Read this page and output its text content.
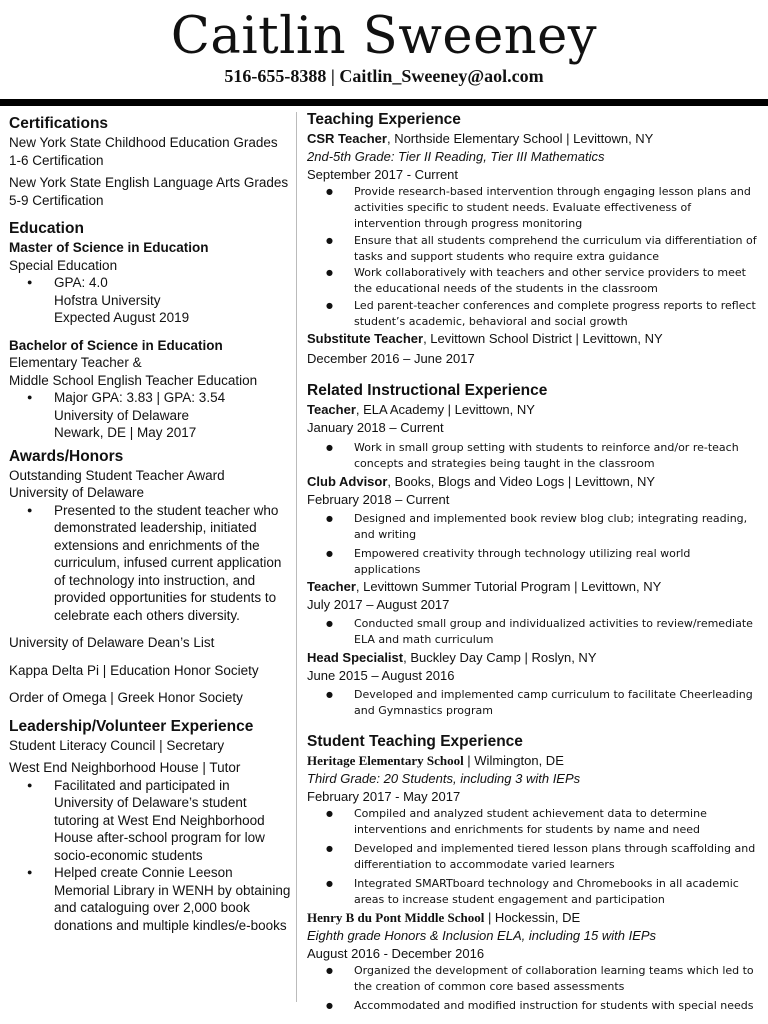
Caitlin Sweeney
516-655-8388 | Caitlin_Sweeney@aol.com
Certifications
New York State Childhood Education Grades 1-6 Certification
New York State English Language Arts Grades 5-9 Certification
Education
Master of Science in Education
Special Education
● GPA: 4.0
Hofstra University
Expected August 2019
Bachelor of Science in Education
Elementary Teacher &
Middle School English Teacher Education
● Major GPA: 3.83 | GPA: 3.54
University of Delaware
Newark, DE | May 2017
Awards/Honors
Outstanding Student Teacher Award
University of Delaware
● Presented to the student teacher who demonstrated leadership, initiated extensions and enrichments of the curriculum, infused current application of technology into instruction, and provided opportunities for students to celebrate each others diversity.
University of Delaware Dean’s List
Kappa Delta Pi | Education Honor Society
Order of Omega | Greek Honor Society
Leadership/Volunteer Experience
Student Literacy Council | Secretary
West End Neighborhood House | Tutor
● Facilitated and participated in University of Delaware’s student tutoring at West End Neighborhood House after-school program for low socio-economic students
● Helped create Connie Leeson Memorial Library in WENH by obtaining and cataloguing over 2,000 book donations and multiple kindles/e-books
Teaching Experience
CSR Teacher, Northside Elementary School | Levittown, NY
2nd-5th Grade: Tier II Reading, Tier III Mathematics
September 2017 - Current
● Provide research-based intervention through engaging lesson plans and activities specific to student needs. Evaluate effectiveness of intervention through progress monitoring
● Ensure that all students comprehend the curriculum via differentiation of tasks and support students who require extra guidance
● Work collaboratively with teachers and other service providers to meet the educational needs of the students in the classroom
● Led parent-teacher conferences and complete progress reports to reflect student’s academic, behavioral and social growth
Substitute Teacher, Levittown School District | Levittown, NY
December 2016 – June 2017
Related Instructional Experience
Teacher, ELA Academy | Levittown, NY
January 2018 – Current
● Work in small group setting with students to reinforce and/or re-teach concepts and strategies being taught in the classroom
Club Advisor, Books, Blogs and Video Logs | Levittown, NY
February 2018 – Current
● Designed and implemented book review blog club; integrating reading, and writing
● Empowered creativity through technology utilizing real world applications
Teacher, Levittown Summer Tutorial Program | Levittown, NY
July 2017 – August 2017
● Conducted small group and individualized activities to review/remediate ELA and math curriculum
Head Specialist, Buckley Day Camp | Roslyn, NY
June 2015 – August 2016
● Developed and implemented camp curriculum to facilitate Cheerleading and Gymnastics program
Student Teaching Experience
Heritage Elementary School | Wilmington, DE
Third Grade: 20 Students, including 3 with IEPs
February 2017 - May 2017
● Compiled and analyzed student achievement data to determine interventions and enrichments for students by name and need
● Developed and implemented tiered lesson plans through scaffolding and differentiation to accommodate varied learners
● Integrated SMARTboard technology and Chromebooks in all academic areas to increase student engagement and participation
Henry B du Pont Middle School | Hockessin, DE
Eighth grade Honors & Inclusion ELA, including 15 with IEPs
August 2016 - December 2016
● Organized the development of collaboration learning teams which led to the creation of common core based assessments
● Accommodated and modified instruction for students with special needs
